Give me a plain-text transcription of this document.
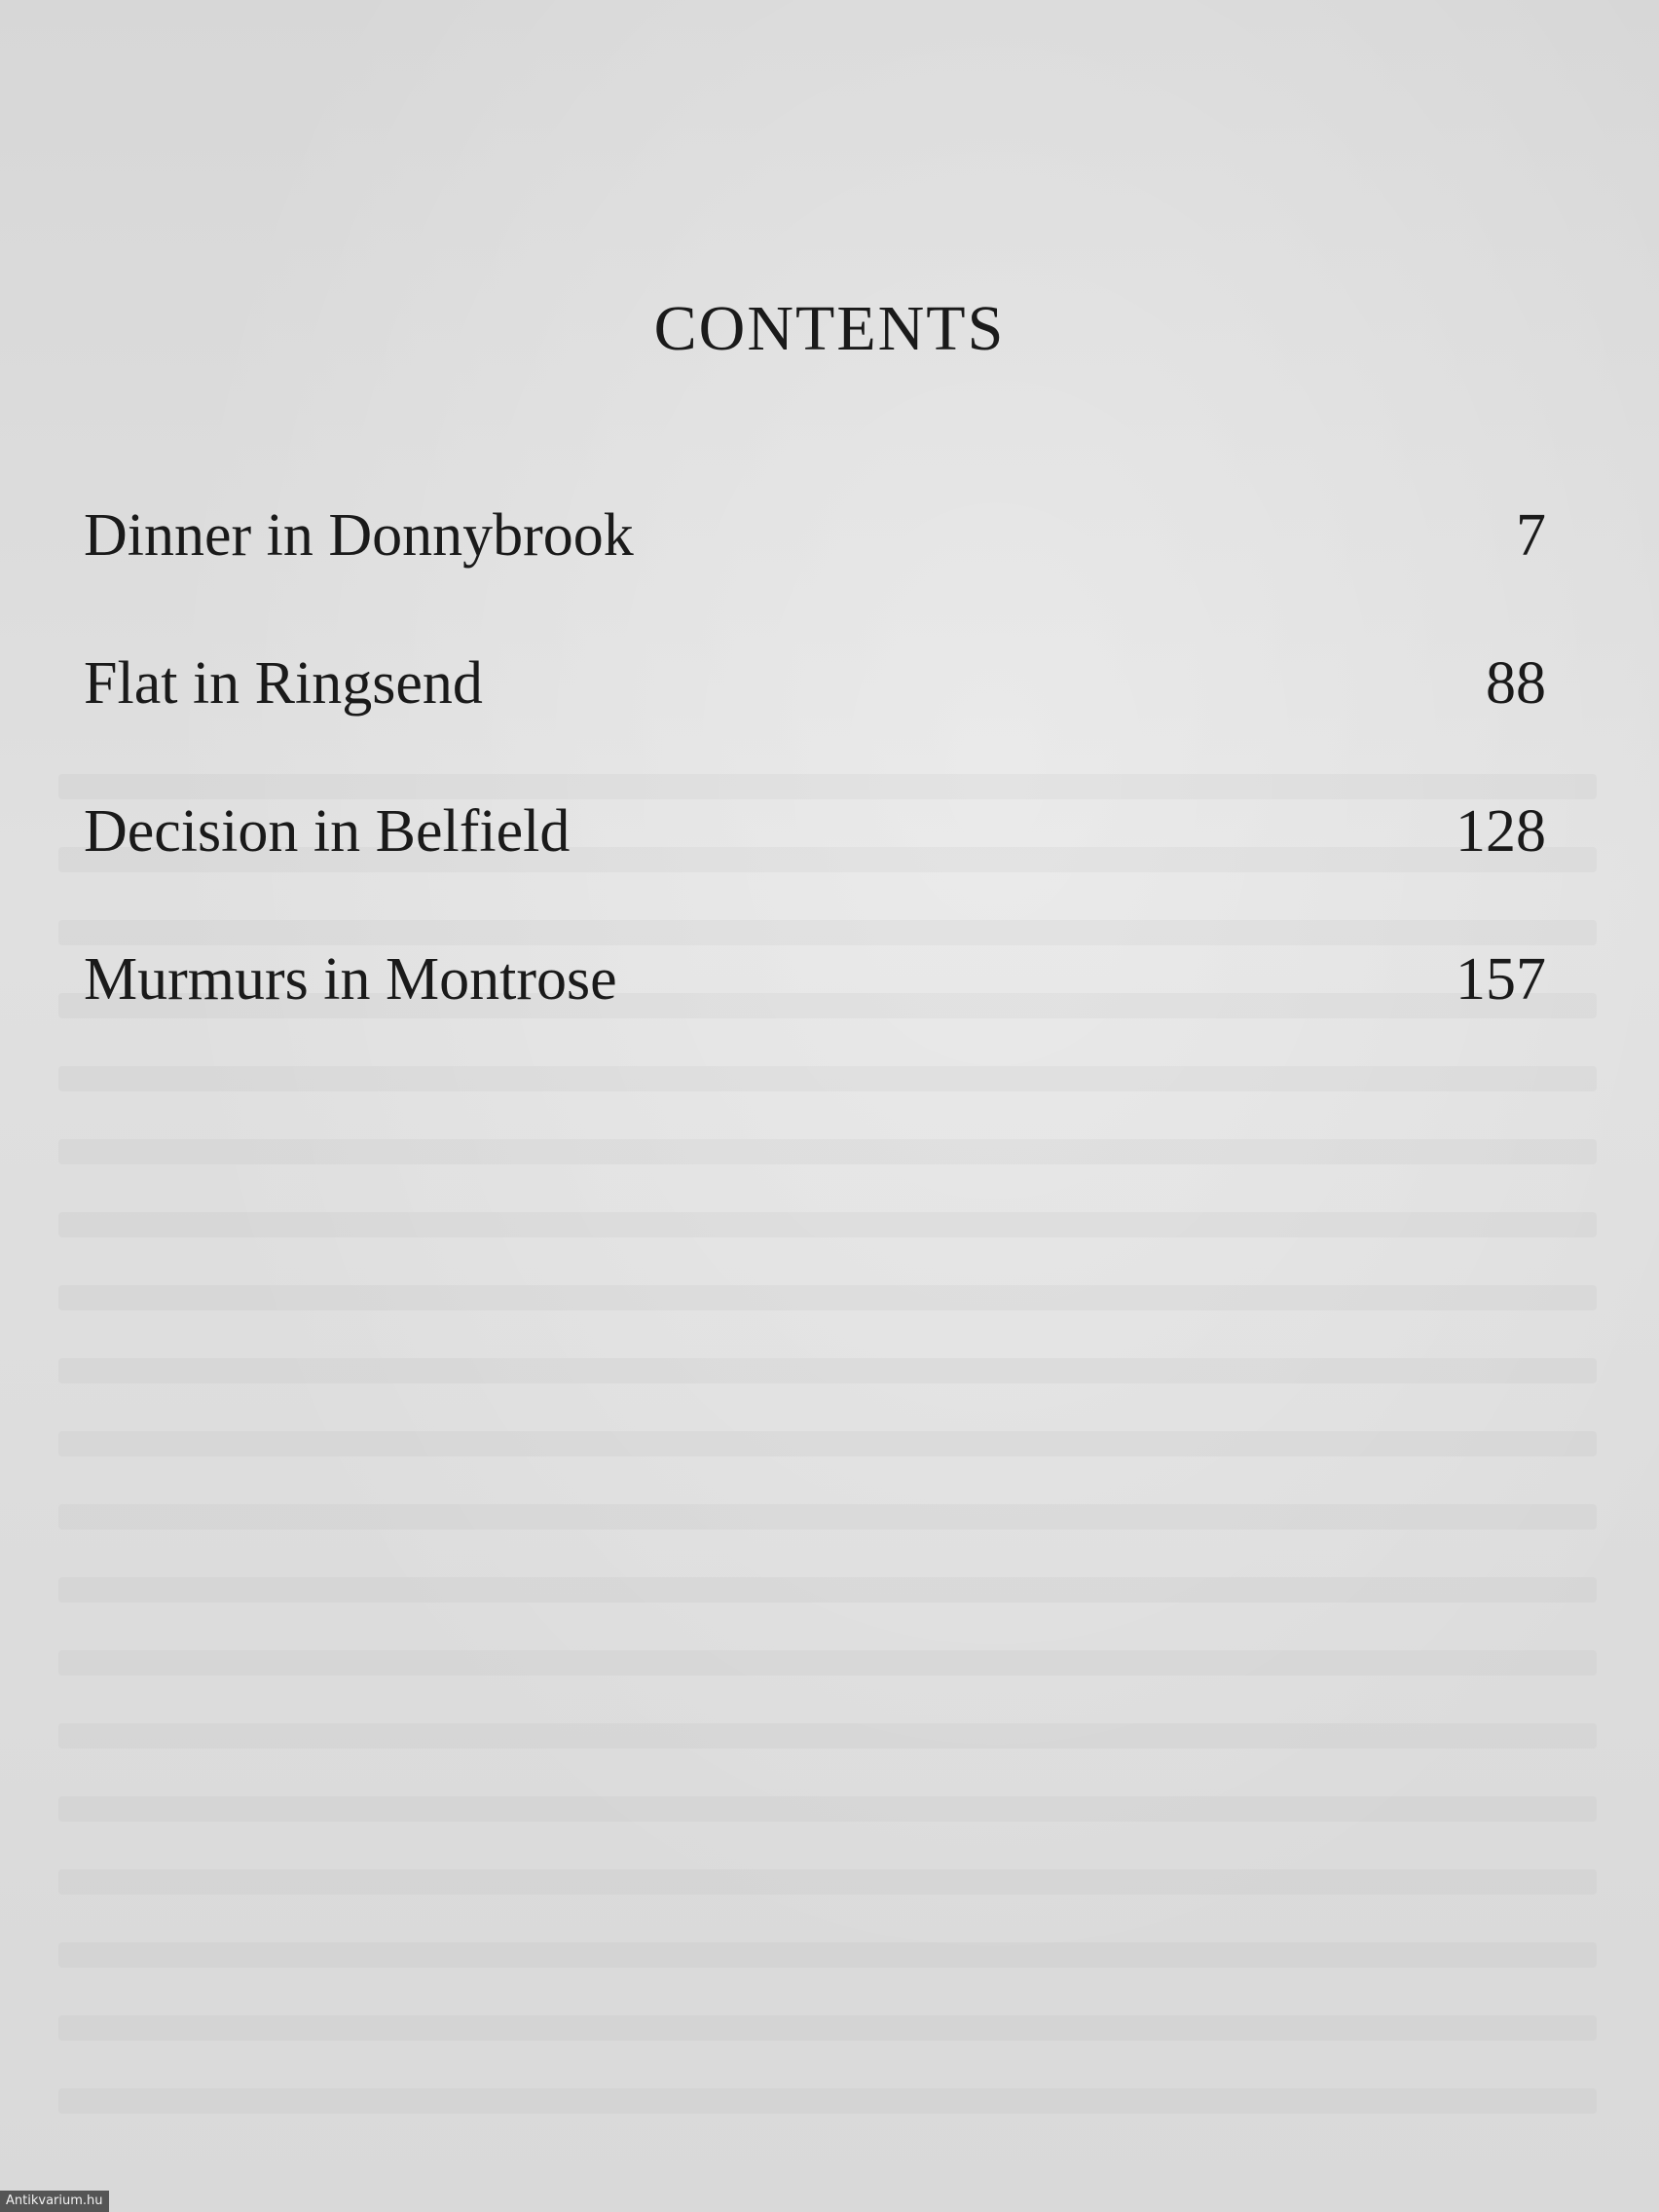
CONTENTS
Dinner in Donnybrook	7
Flat in Ringsend	88
Decision in Belfield	128
Murmurs in Montrose	157
Antikvarium.hu
